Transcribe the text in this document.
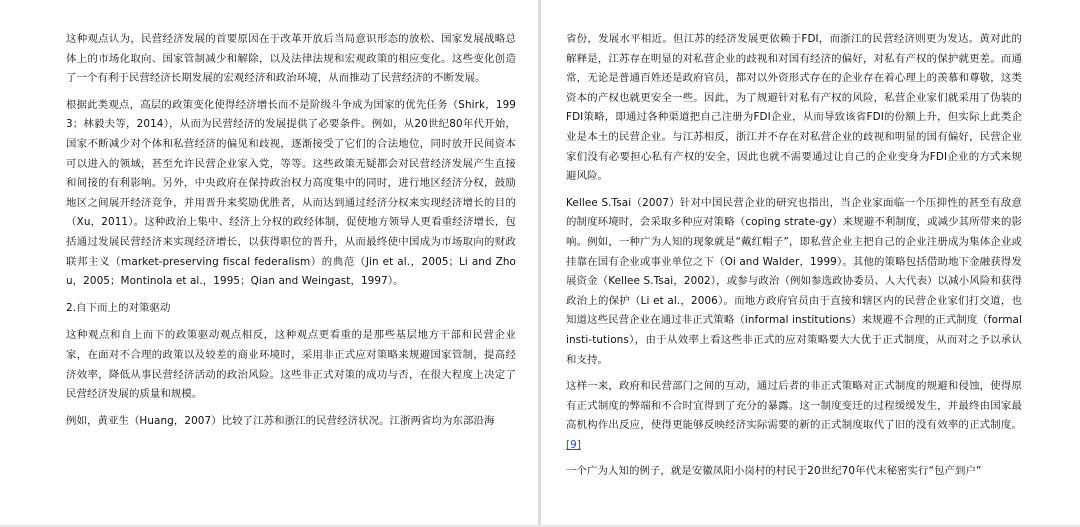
这种观点认为，民营经济发展的首要原因在于改革开放后当局意识形态的放松、国家发展战略总体上的市场化取向、国家管制减少和解除，以及法律法规和宏观政策的相应变化。这些变化创造了一个有利于民营经济长期发展的宏观经济和政治环境，从而推动了民营经济的不断发展。

根据此类观点，高层的政策变化使得经济增长而不是阶级斗争成为国家的优先任务（Shirk，1993；林毅夫等，2014），从而为民营经济的发展提供了必要条件。例如，从20世纪80年代开始，国家不断减少对个体和私营经济的偏见和歧视，逐渐接受了它们的合法地位，同时放开民间资本可以进入的领域，甚至允许民营企业家入党，等等。这些政策无疑都会对民营经济发展产生直接和间接的有利影响。另外，中央政府在保持政治权力高度集中的同时，进行地区经济分权，鼓励地区之间展开经济竞争，并用晋升来奖励优胜者，从而达到通过经济分权来实现经济增长的目的（Xu，2011）。这种政治上集中、经济上分权的政经体制，促使地方领导人更看重经济增长，包括通过发展民营经济来实现经济增长，以获得职位的晋升，从而最终使中国成为市场取向的财政联邦主义（market-preserving fiscal federalism）的典范（Jin et al.，2005；Li and Zhou，2005；Montinola et al.，1995；Qian and Weingast，1997）。

2.自下而上的对策驱动

这种观点和自上而下的政策驱动观点相反，这种观点更看重的是那些基层地方干部和民营企业家，在面对不合理的政策以及较差的商业环境时，采用非正式应对策略来规避国家管制，提高经济效率，降低从事民营经济活动的政治风险。这些非正式对策的成功与否，在很大程度上决定了民营经济发展的质量和规模。

例如，黄亚生（Huang，2007）比较了江苏和浙江的民营经济状况。江浙两省均为东部沿海

省份，发展水平相近。但江苏的经济发展更依赖于FDI，而浙江的民营经济则更为发达。黄对此的解释是，江苏存在明显的对私营企业的歧视和对国有经济的偏好，对私有产权的保护就更差。而通常，无论是普通百姓还是政府官员，都对以外资形式存在的企业存在着心理上的羡慕和尊敬，这类资本的产权也就更安全一些。因此，为了规避针对私有产权的风险，私营企业家们就采用了伪装的FDI策略，即通过各种渠道把自己注册为FDI企业，从而导致该省FDI的份额上升，但实际上此类企业是本土的民营企业。与江苏相反，浙江并不存在对私营企业的歧视和明显的国有偏好，民营企业家们没有必要担心私有产权的安全，因此也就不需要通过让自己的企业变身为FDI企业的方式来规避风险。

Kellee S.Tsai（2007）针对中国民营企业的研究也指出，当企业家面临一个压抑性的甚至有敌意的制度环境时，会采取多种应对策略（coping strate-gy）来规避不利制度，或减少其所带来的影响。例如，一种广为人知的现象就是“戴红帽子”，即私营企业主把自己的企业注册成为集体企业或挂靠在国有企业或事业单位之下（Oi and Walder，1999）。其他的策略包括借助地下金融获得发展资金（Kellee S.Tsai，2002），或参与政治（例如参选政协委员、人大代表）以减小风险和获得政治上的保护（Li et al.，2006）。而地方政府官员由于直接和辖区内的民营企业家们打交道，也知道这些民营企业在通过非正式策略（informal institutions）来规避不合理的正式制度（formal insti-tutions），由于从效率上看这些非正式的应对策略要大大优于正式制度，从而对之予以承认和支持。

这样一来，政府和民营部门之间的互动，通过后者的非正式策略对正式制度的规避和侵蚀，使得原有正式制度的弊端和不合时宜得到了充分的暴露。这一制度变迁的过程缓缓发生，并最终由国家最高机构作出反应，使得更能够反映经济实际需要的新的正式制度取代了旧的没有效率的正式制度。[9]

一个广为人知的例子，就是安徽凤阳小岗村的村民于20世纪70年代末秘密实行“包产到户”
